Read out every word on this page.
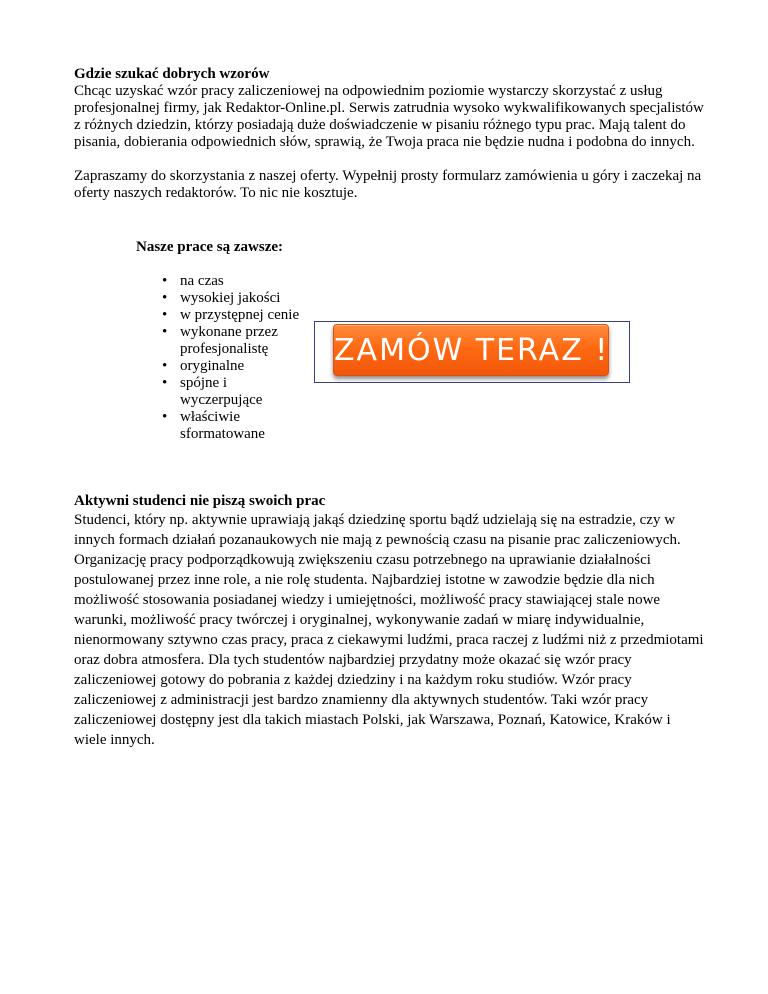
Gdzie szukać dobrych wzorów

Chcąc uzyskać wzór pracy zaliczeniowej na odpowiednim poziomie wystarczy skorzystać z usług profesjonalnej firmy, jak Redaktor-Online.pl. Serwis zatrudnia wysoko wykwalifikowanych specjalistów z różnych dziedzin, którzy posiadają duże doświadczenie w pisaniu różnego typu prac. Mają talent do pisania, dobierania odpowiednich słów, sprawią, że Twoja praca nie będzie nudna i podobna do innych.

Zapraszamy do skorzystania z naszej oferty. Wypełnij prosty formularz zamówienia u góry i zaczekaj na oferty naszych redaktorów. To nic nie kosztuje.

Nasze prace są zawsze:

• na czas
• wysokiej jakości
• w przystępnej cenie
• wykonane przez profesjonalistę
• oryginalne
• spójne i wyczerpujące
• właściwie sformatowane
ZAMÓW TERAZ !

Aktywni studenci nie piszą swoich prac

Studenci, który np. aktywnie uprawiają jakąś dziedzinę sportu bądź udzielają się na estradzie, czy w innych formach działań pozanaukowych nie mają z pewnością czasu na pisanie prac zaliczeniowych. Organizację pracy podporządkowują zwiększeniu czasu potrzebnego na uprawianie działalności postulowanej przez inne role, a nie rolę studenta. Najbardziej istotne w zawodzie będzie dla nich możliwość stosowania posiadanej wiedzy i umiejętności, możliwość pracy stawiającej stale nowe warunki, możliwość pracy twórczej i oryginalnej, wykonywanie zadań w miarę indywidualnie, nienormowany sztywno czas pracy, praca z ciekawymi ludźmi, praca raczej z ludźmi niż z przedmiotami oraz dobra atmosfera. Dla tych studentów najbardziej przydatny może okazać się wzór pracy zaliczeniowej gotowy do pobrania z każdej dziedziny i na każdym roku studiów. Wzór pracy zaliczeniowej z administracji jest bardzo znamienny dla aktywnych studentów. Taki wzór pracy zaliczeniowej dostępny jest dla takich miastach Polski, jak Warszawa, Poznań, Katowice, Kraków i wiele innych.
